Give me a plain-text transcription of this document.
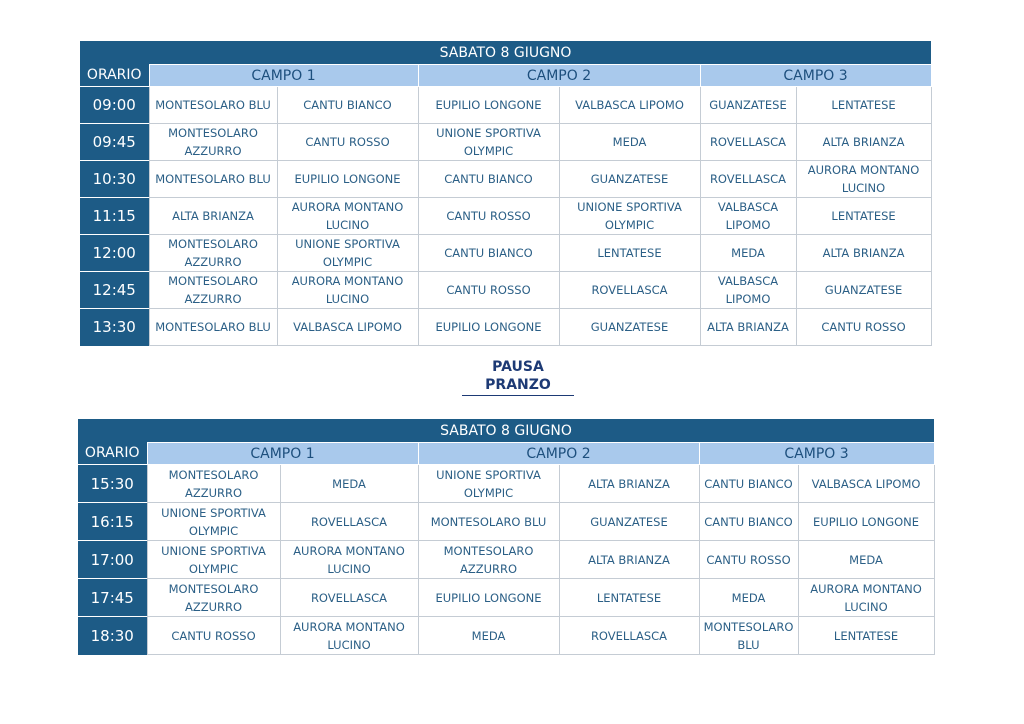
SABATO 8 GIUGNO						
ORARIO	CAMPO 1		CAMPO 2		CAMPO 3	
09:00	MONTESOLARO BLU	CANTU BIANCO	EUPILIO LONGONE	VALBASCA LIPOMO	GUANZATESE	LENTATESE
09:45	MONTESOLARO AZZURRO	CANTU ROSSO	UNIONE SPORTIVA OLYMPIC	MEDA	ROVELLASCA	ALTA BRIANZA
10:30	MONTESOLARO BLU	EUPILIO LONGONE	CANTU BIANCO	GUANZATESE	ROVELLASCA	AURORA MONTANO LUCINO
11:15	ALTA BRIANZA	AURORA MONTANO LUCINO	CANTU ROSSO	UNIONE SPORTIVA OLYMPIC	VALBASCA LIPOMO	LENTATESE
12:00	MONTESOLARO AZZURRO	UNIONE SPORTIVA OLYMPIC	CANTU BIANCO	LENTATESE	MEDA	ALTA BRIANZA
12:45	MONTESOLARO AZZURRO	AURORA MONTANO LUCINO	CANTU ROSSO	ROVELLASCA	VALBASCA LIPOMO	GUANZATESE
13:30	MONTESOLARO BLU	VALBASCA LIPOMO	EUPILIO LONGONE	GUANZATESE	ALTA BRIANZA	CANTU ROSSO
PAUSA PRANZO
SABATO 8 GIUGNO						
ORARIO	CAMPO 1		CAMPO 2		CAMPO 3	
15:30	MONTESOLARO AZZURRO	MEDA	UNIONE SPORTIVA OLYMPIC	ALTA BRIANZA	CANTU BIANCO	VALBASCA LIPOMO
16:15	UNIONE SPORTIVA OLYMPIC	ROVELLASCA	MONTESOLARO BLU	GUANZATESE	CANTU BIANCO	EUPILIO LONGONE
17:00	UNIONE SPORTIVA OLYMPIC	AURORA MONTANO LUCINO	MONTESOLARO AZZURRO	ALTA BRIANZA	CANTU ROSSO	MEDA
17:45	MONTESOLARO AZZURRO	ROVELLASCA	EUPILIO LONGONE	LENTATESE	MEDA	AURORA MONTANO LUCINO
18:30	CANTU ROSSO	AURORA MONTANO LUCINO	MEDA	ROVELLASCA	MONTESOLARO BLU	LENTATESE
